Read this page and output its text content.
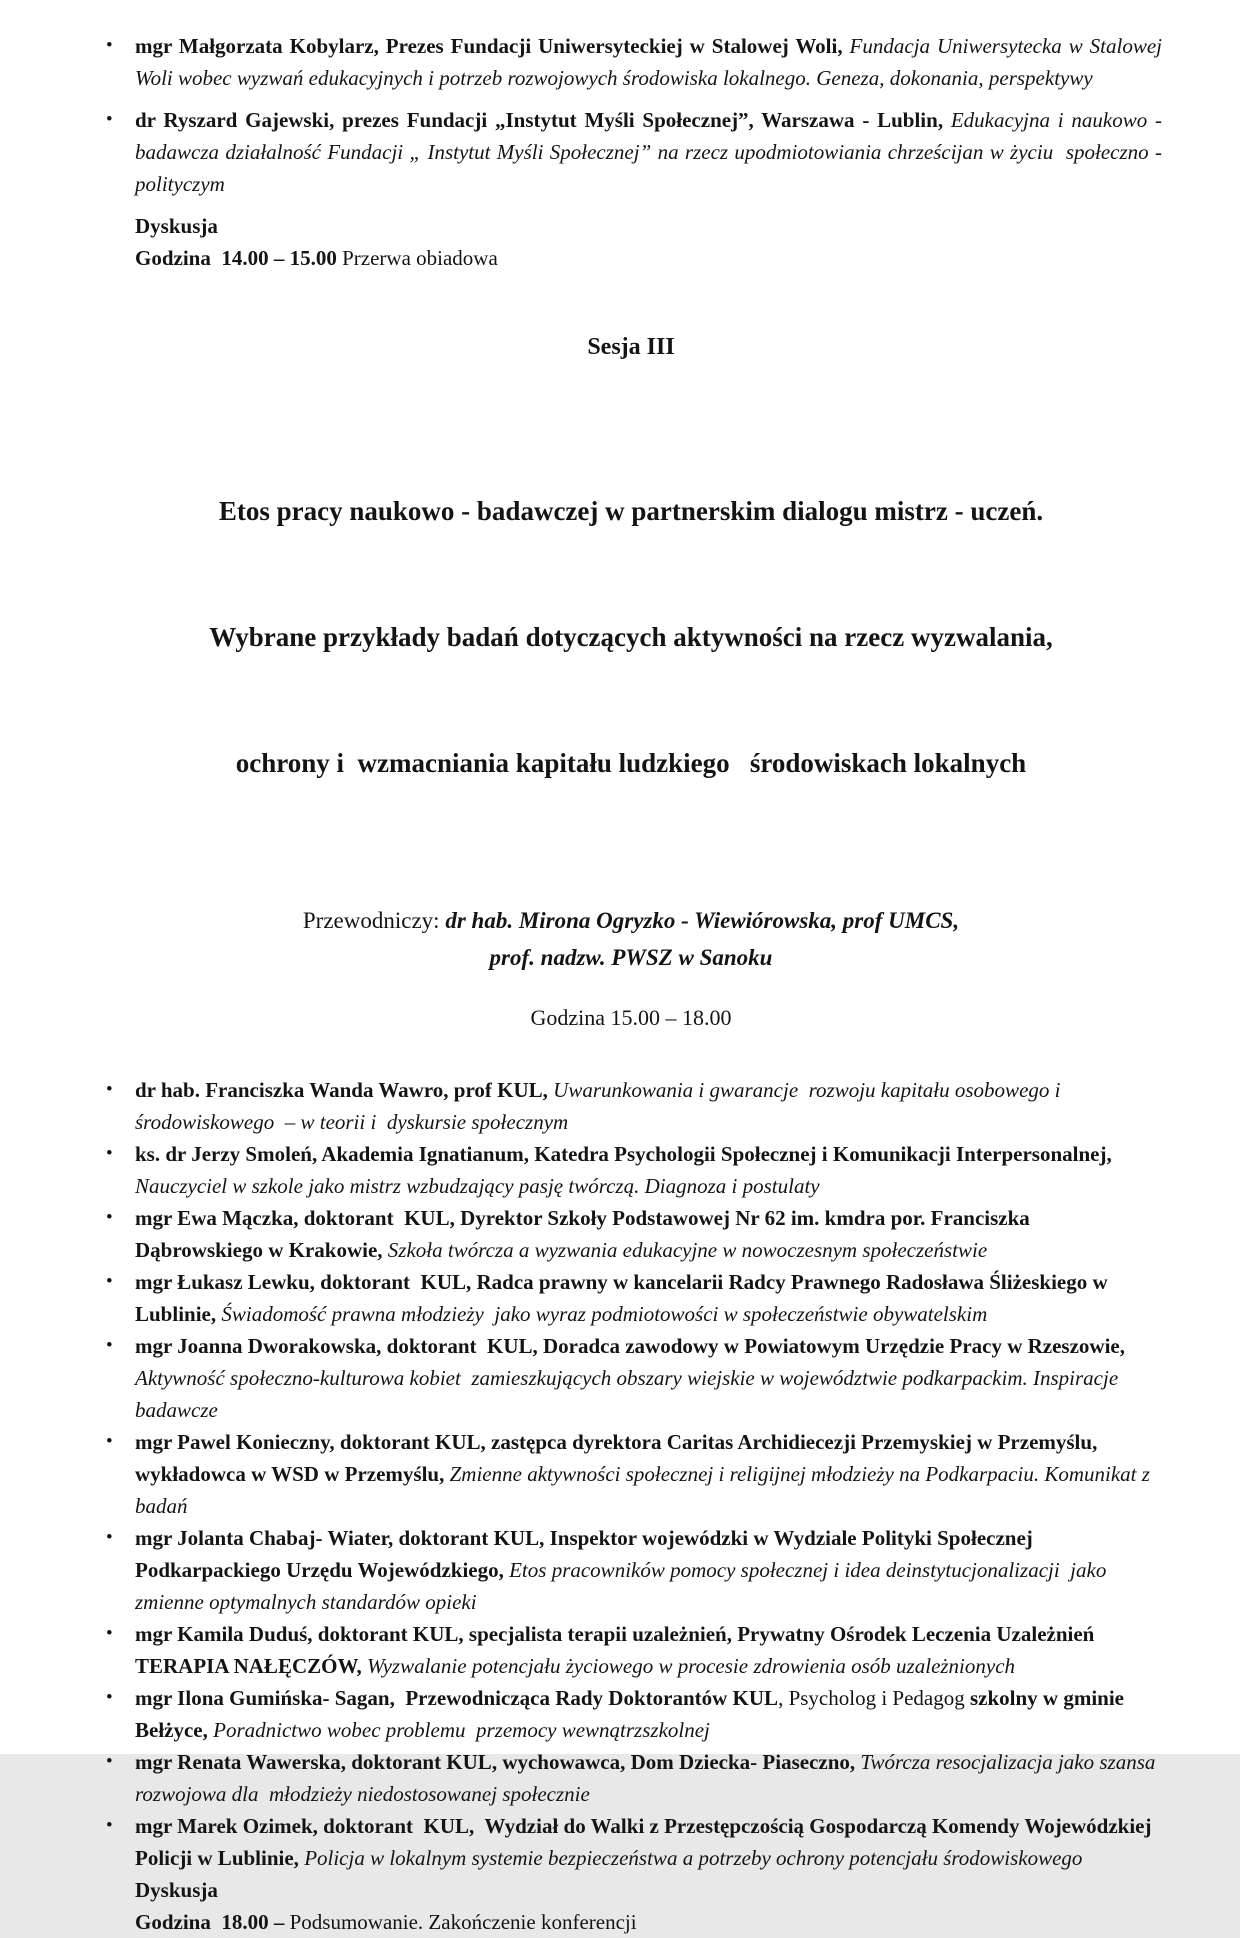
• mgr Małgorzata Kobylarz, Prezes Fundacji Uniwersyteckiej w Stalowej Woli, Fundacja Uniwersytecka w Stalowej Woli wobec wyzwań edukacyjnych i potrzeb rozwojowych środowiska lokalnego. Geneza, dokonania, perspektywy
• dr Ryszard Gajewski, prezes Fundacji „Instytut Myśli Społecznej”, Warszawa - Lublin, Edukacyjna i naukowo - badawcza działalność Fundacji „ Instytut Myśli Społecznej” na rzecz upodmiotowiania chrześcijan w życiu  społeczno - polityczym

Dyskusja

Godzina  14.00 – 15.00 Przerwa obiadowa

Sesja III

Etos pracy naukowo - badawczej w partnerskim dialogu mistrz - uczeń.

Wybrane przykłady badań dotyczących aktywności na rzecz wyzwalania,

ochrony i  wzmacniania kapitału ludzkiego   środowiskach lokalnych

Przewodniczy: dr hab. Mirona Ogryzko - Wiewiórowska, prof UMCS,
prof. nadzw. PWSZ w Sanoku

Godzina 15.00 – 18.00

• dr hab. Franciszka Wanda Wawro, prof KUL, Uwarunkowania i gwarancje  rozwoju kapitału osobowego i  środowiskowego  – w teorii i  dyskursie społecznym
• ks. dr Jerzy Smoleń, Akademia Ignatianum, Katedra Psychologii Społecznej i Komunikacji Interpersonalnej, Nauczyciel w szkole jako mistrz wzbudzający pasję twórczą. Diagnoza i postulaty
• mgr Ewa Mączka, doktorant  KUL, Dyrektor Szkoły Podstawowej Nr 62 im. kmdra por. Franciszka Dąbrowskiego w Krakowie, Szkoła twórcza a wyzwania edukacyjne w nowoczesnym społeczeństwie
• mgr Łukasz Lewku, doktorant  KUL, Radca prawny w kancelarii Radcy Prawnego Radosława Śliżeskiego w Lublinie, Świadomość prawna młodzieży  jako wyraz podmiotowości w społeczeństwie obywatelskim
• mgr Joanna Dworakowska, doktorant  KUL, Doradca zawodowy w Powiatowym Urzędzie Pracy w Rzeszowie, Aktywność społeczno-kulturowa kobiet  zamieszkujących obszary wiejskie w województwie podkarpackim. Inspiracje badawcze
• mgr Pawel Konieczny, doktorant KUL, zastępca dyrektora Caritas Archidiecezji Przemyskiej w Przemyślu, wykładowca w WSD w Przemyślu, Zmienne aktywności społecznej i religijnej młodzieży na Podkarpaciu. Komunikat z badań
• mgr Jolanta Chabaj- Wiater, doktorant KUL, Inspektor wojewódzki w Wydziale Polityki Społecznej Podkarpackiego Urzędu Wojewódzkiego, Etos pracowników pomocy społecznej i idea deinstytucjonalizacji  jako zmienne optymalnych standardów opieki
• mgr Kamila Duduś, doktorant KUL, specjalista terapii uzależnień, Prywatny Ośrodek Leczenia Uzależnień TERAPIA NAŁĘCZÓW, Wyzwalanie potencjału życiowego w procesie zdrowienia osób uzależnionych
• mgr Ilona Gumińska- Sagan,  Przewodnicząca Rady Doktorantów KUL, Psycholog i Pedagog szkolny w gminie Bełżyce, Poradnictwo wobec problemu  przemocy wewnątrzszkolnej
• mgr Renata Wawerska, doktorant KUL, wychowawca, Dom Dziecka- Piaseczno, Twórcza resocjalizacja jako szansa rozwojowa dla  młodzieży niedostosowanej społecznie
• mgr Marek Ozimek, doktorant  KUL,  Wydział do Walki z Przestępczością Gospodarczą Komendy Wojewódzkiej  Policji w Lublinie, Policja w lokalnym systemie bezpieczeństwa a potrzeby ochrony potencjału środowiskowego

Dyskusja

Godzina  18.00 – Podsumowanie. Zakończenie konferencji
